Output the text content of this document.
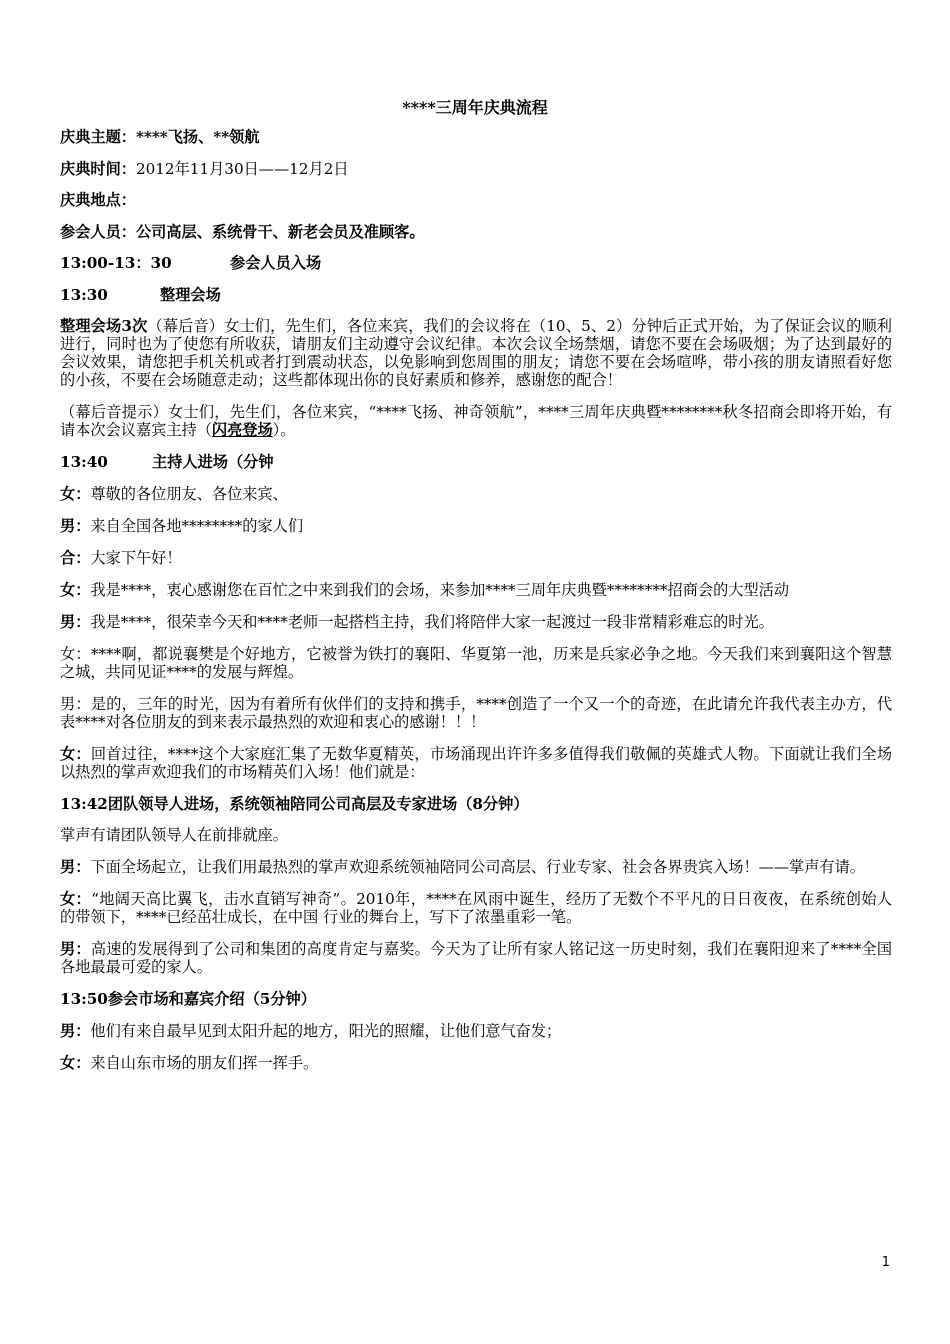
****三周年庆典流程

庆典主题：****飞扬、**领航

庆典时间：2012年11月30日——12月2日

庆典地点：

参会人员：公司高层、系统骨干、新老会员及准顾客。

13:00-13：30	参会人员入场

13:30	整理会场

整理会场3次（幕后音）女士们，先生们，各位来宾，我们的会议将在（10、5、2）分钟后正式开始，为了保证会议的顺利进行，同时也为了使您有所收获，请朋友们主动遵守会议纪律。本次会议全场禁烟，请您不要在会场吸烟；为了达到最好的会议效果，请您把手机关机或者打到震动状态，以免影响到您周围的朋友；请您不要在会场喧哗，带小孩的朋友请照看好您的小孩，不要在会场随意走动；这些都体现出你的良好素质和修养，感谢您的配合！

（幕后音提示）女士们，先生们，各位来宾，“****飞扬、神奇领航”，****三周年庆典暨********秋冬招商会即将开始，有请本次会议嘉宾主持（闪亮登场）。

13:40	主持人进场（分钟

女：尊敬的各位朋友、各位来宾、

男：来自全国各地********的家人们

合：大家下午好！

女：我是****，衷心感谢您在百忙之中来到我们的会场，来参加****三周年庆典暨********招商会的大型活动

男：我是****，很荣幸今天和****老师一起搭档主持，我们将陪伴大家一起渡过一段非常精彩难忘的时光。

女：****啊，都说襄樊是个好地方，它被誉为铁打的襄阳、华夏第一池，历来是兵家必争之地。今天我们来到襄阳这个智慧之城，共同见证****的发展与辉煌。

男：是的，三年的时光，因为有着所有伙伴们的支持和携手，****创造了一个又一个的奇迹，在此请允许我代表主办方，代表****对各位朋友的到来表示最热烈的欢迎和衷心的感谢！！！

女：回首过往，****这个大家庭汇集了无数华夏精英，市场涌现出许许多多值得我们敬佩的英雄式人物。下面就让我们全场以热烈的掌声欢迎我们的市场精英们入场！他们就是：

13:42团队领导人进场，系统领袖陪同公司高层及专家进场（8分钟）

掌声有请团队领导人在前排就座。

男：下面全场起立，让我们用最热烈的掌声欢迎系统领袖陪同公司高层、行业专家、社会各界贵宾入场！——掌声有请。

女：“地阔天高比翼飞，击水直销写神奇”。2010年，****在风雨中诞生，经历了无数个不平凡的日日夜夜，在系统创始人 的带领下，****已经茁壮成长，在中国 行业的舞台上，写下了浓墨重彩一笔。

男：高速的发展得到了公司和集团的高度肯定与嘉奖。今天为了让所有家人铭记这一历史时刻，我们在襄阳迎来了****全国各地最最可爱的家人。

13:50参会市场和嘉宾介绍（5分钟）

男：他们有来自最早见到太阳升起的地方，阳光的照耀，让他们意气奋发；

女：来自山东市场的朋友们挥一挥手。

1
